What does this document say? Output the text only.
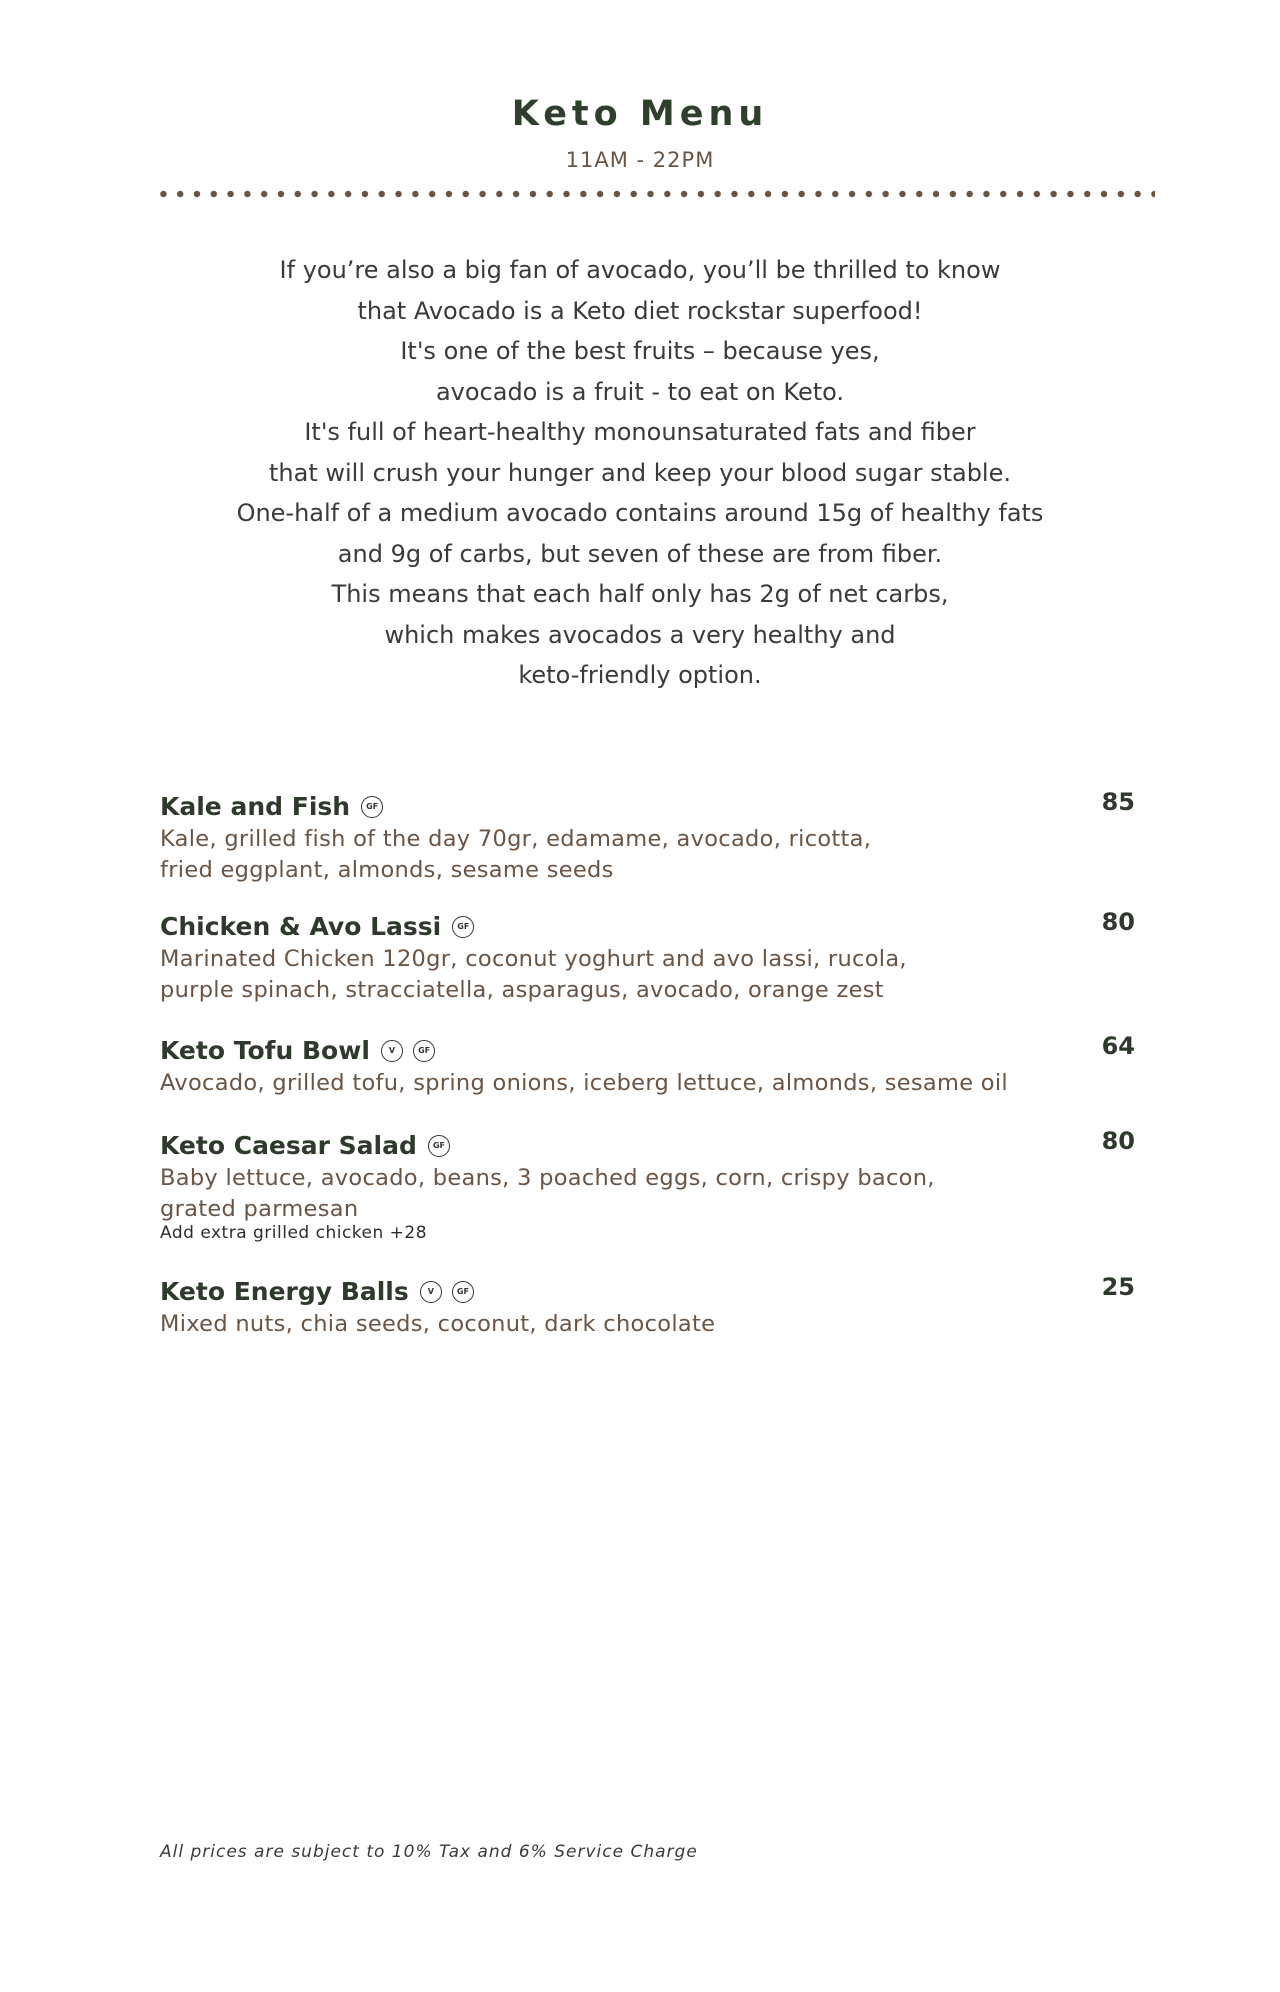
Keto Menu
11AM - 22PM
If you’re also a big fan of avocado, you’ll be thrilled to know
that Avocado is a Keto diet rockstar superfood!
It's one of the best fruits – because yes,
avocado is a fruit - to eat on Keto.
It's full of heart-healthy monounsaturated fats and fiber
that will crush your hunger and keep your blood sugar stable.
One-half of a medium avocado contains around 15g of healthy fats
and 9g of carbs, but seven of these are from fiber.
This means that each half only has 2g of net carbs,
which makes avocados a very healthy and
keto-friendly option.
Kale and Fish GF	85
Kale, grilled fish of the day 70gr, edamame, avocado, ricotta,
fried eggplant, almonds, sesame seeds
Chicken & Avo Lassi GF	80
Marinated Chicken 120gr, coconut yoghurt and avo lassi, rucola,
purple spinach, stracciatella, asparagus, avocado, orange zest
Keto Tofu Bowl V	GF	64
Avocado, grilled tofu, spring onions, iceberg lettuce, almonds, sesame oil
Keto Caesar Salad GF	80
Baby lettuce, avocado, beans, 3 poached eggs, corn, crispy bacon,
grated parmesan
Add extra grilled chicken +28
Keto Energy Balls V	GF	25
Mixed nuts, chia seeds, coconut, dark chocolate
All prices are subject to 10% Tax and 6% Service Charge
